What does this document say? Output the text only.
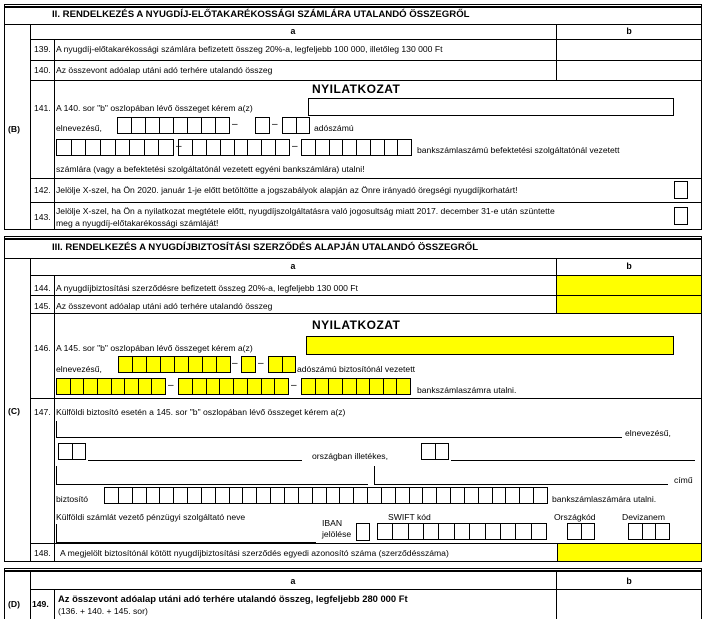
II. RENDELKEZÉS A NYUGDÍJ-ELŐTAKARÉKOSSÁGI SZÁMLÁRA UTALANDÓ ÖSSZEGRŐL
a	b
(B)
139. A nyugdíj-előtakarékossági számlára befizetett összeg 20%-a, legfeljebb 100 000, illetőleg 130 000 Ft
140. Az összevont adóalap utáni adó terhére utalandó összeg
141.
NYILATKOZAT
A 140. sor "b" oszlopában lévő összeget kérem a(z)
elnevezésű,	–	–	adószámú
–	–	bankszámlaszámú befektetési szolgáltatónál vezetett
számlára (vagy a befektetési szolgáltatónál vezetett egyéni bankszámlára) utalni!
142. Jelölje X-szel, ha Ön 2020. január 1-je előtt betöltötte a jogszabályok alapján az Önre irányadó öregségi nyugdíjkorhatárt!
143.
Jelölje X-szel, ha Ön a nyilatkozat megtétele előtt, nyugdíjszolgáltatásra való jogosultság miatt 2017. december 31-e után szüntette
meg a nyugdíj-előtakarékossági számláját!
III. RENDELKEZÉS A NYUGDÍJBIZTOSÍTÁSI SZERZŐDÉS ALAPJÁN UTALANDÓ ÖSSZEGRŐL
a	b
(C)
144. A nyugdíjbiztosítási szerződésre befizetett összeg 20%-a, legfeljebb 130 000 Ft
145. Az összevont adóalap utáni adó terhére utalandó összeg
146.
NYILATKOZAT
A 145. sor "b" oszlopában lévő összeget kérem a(z)
elnevezésű,	– –	adószámú biztosítónál vezetett
–	–	bankszámlaszámra utalni.
147. Külföldi biztosító esetén a 145. sor "b" oszlopában lévő összeget kérem a(z)
elnevezésű,
országban illetékes,
című
biztosító	bankszámlaszámára utalni.
Külföldi számlát vezető pénzügyi szolgáltató neve
IBAN
jelölése
SWIFT kód	Országkód	Devizanem
148. A megjelölt biztosítónál kötött nyugdíjbiztosítási szerződés egyedi azonosító száma (szerződésszáma)
a	b
(D) 149. Az összevont adóalap utáni adó terhére utalandó összeg, legfeljebb 280 000 Ft
(136. + 140. + 145. sor)
